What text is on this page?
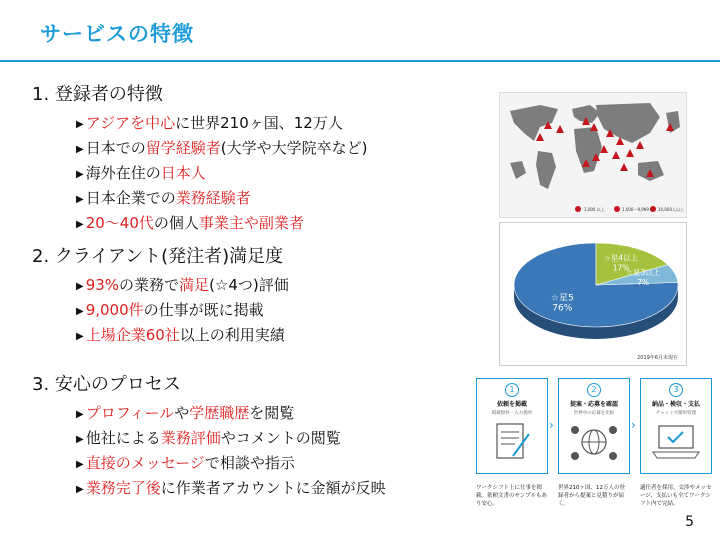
サービスの特徴
1. 登録者の特徴
▶ アジアを中心に世界210ヶ国、12万人
▶ 日本での留学経験者(大学や大学院卒など)
▶ 海外在住の日本人
▶ 日本企業での業務経験者
▶ 20〜40代の個人事業主や副業者
2. クライアント(発注者)満足度
▶ 93%の業務で満足(☆4つ)評価
▶ 9,000件の仕事が既に掲載
▶ 上場企業60社以上の利用実績
3. 安心のプロセス
▶ プロフィールや学歴職歴を閲覧
▶ 他社による業務評価やコメントの閲覧
▶ 直接のメッセージで相談や指示
▶ 業務完了後に作業者アカウントに金額が反映
1,000 以上	1,000〜9,999人 10,000人以上
☆星5
76%
☆星4以上
17%
☆星3以上
7%
2019年6月末現在
1
依頼を掲載
掲載無料・入力簡単
›
2
提案・応募を確認
世界中の応募を比較
›
3
納品・検収・支払
チャットで簡単管理
ワークシフト上に仕事を掲載。依頼文書のサンプルもあり安心。
世界210ヶ国、12万人の登録者から提案と見積りが届く。
適任者を採用。交渉やメッセージ、支払いも全てワークシフト内で完結。
5
